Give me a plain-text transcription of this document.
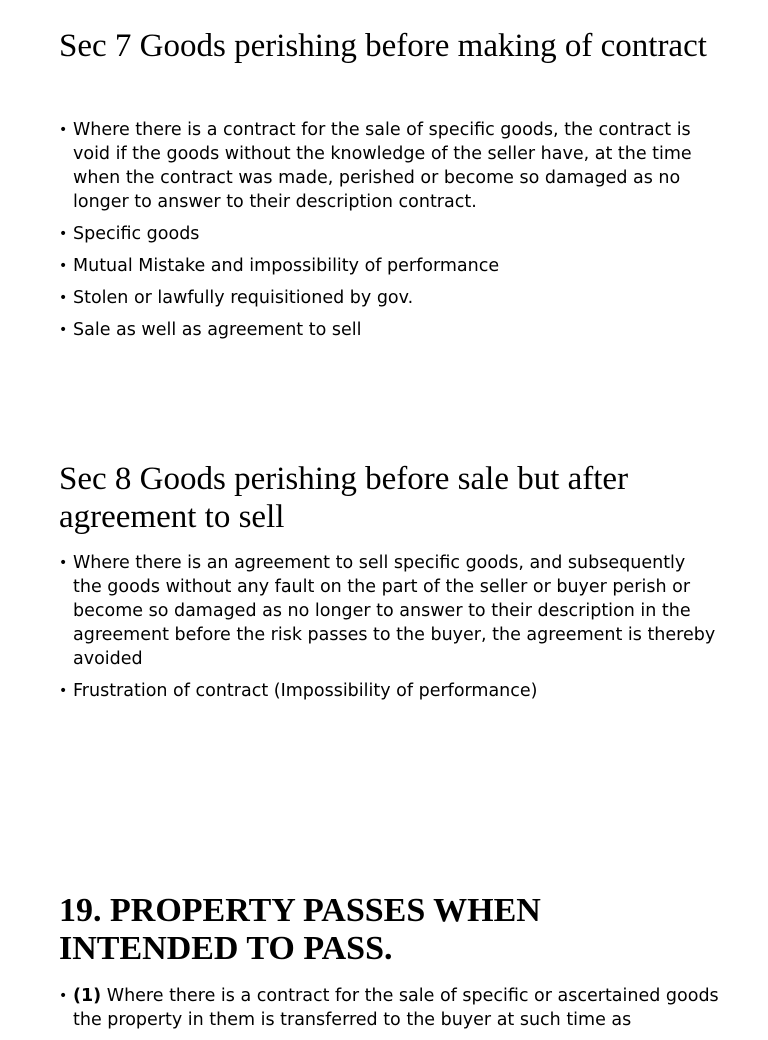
Sec 7 Goods perishing before making of contract
• Where there is a contract for the sale of specific goods, the contract is void if the goods without the knowledge of the seller have, at the time when the contract was made, perished or become so damaged as no longer to answer to their description contract.
• Specific goods
• Mutual Mistake and impossibility of performance
• Stolen or lawfully requisitioned by gov.
• Sale as well as agreement to sell
Sec 8 Goods perishing before sale but after agreement to sell
• Where there is an agreement to sell specific goods, and subsequently the goods without any fault on the part of the seller or buyer perish or become so damaged as no longer to answer to their description in the agreement before the risk passes to the buyer, the agreement is thereby avoided
• Frustration of contract (Impossibility of performance)
19. PROPERTY PASSES WHEN INTENDED TO PASS.
• (1) Where there is a contract for the sale of specific or ascertained goods the property in them is transferred to the buyer at such time as
